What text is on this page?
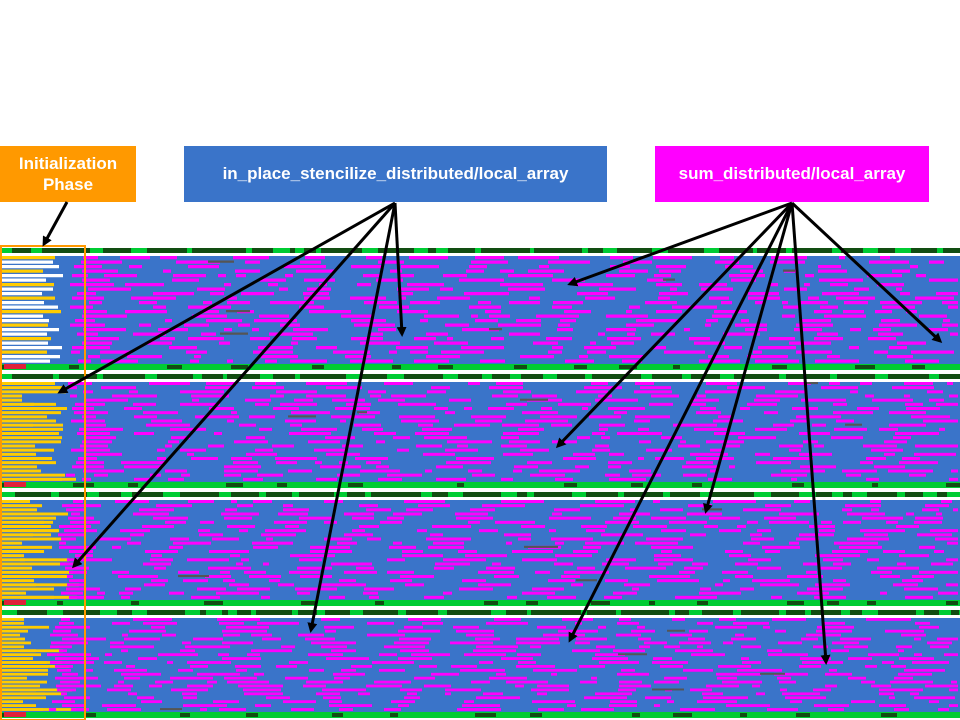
Initialization
Phase
in_place_stencilize_distributed/local_array	sum_distributed/local_array
